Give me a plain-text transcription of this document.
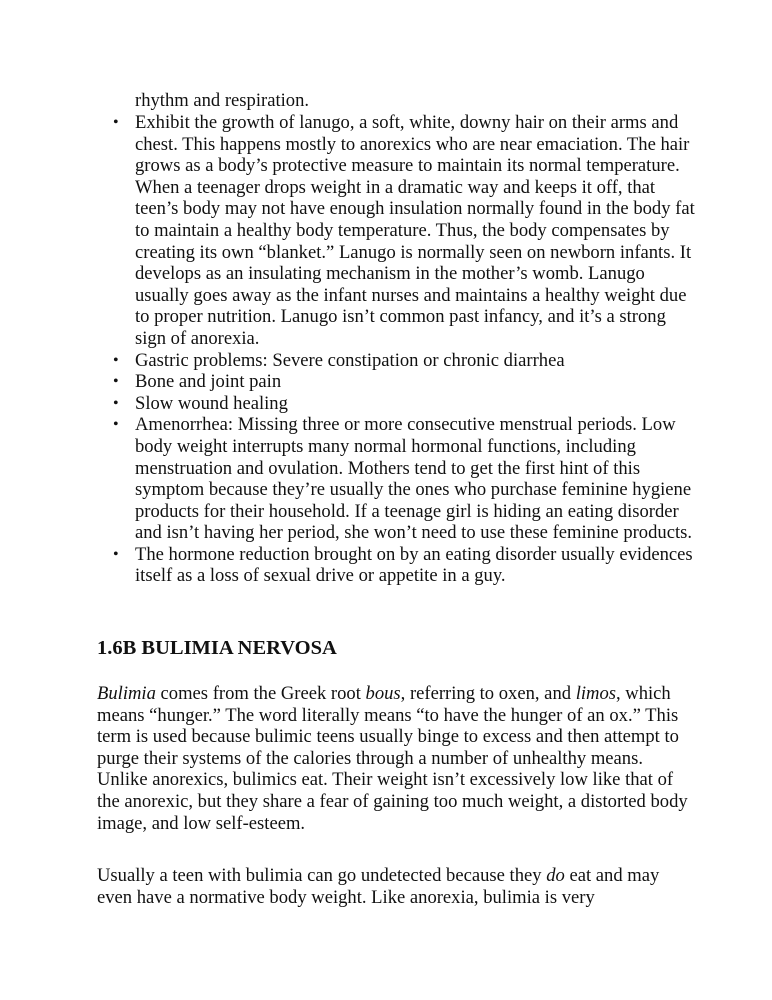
rhythm and respiration.

• Exhibit the growth of lanugo, a soft, white, downy hair on their arms and chest. This happens mostly to anorexics who are near emaciation. The hair grows as a body’s protective measure to maintain its normal temperature. When a teenager drops weight in a dramatic way and keeps it off, that teen’s body may not have enough insulation normally found in the body fat to maintain a healthy body temperature. Thus, the body compensates by creating its own “blanket.” Lanugo is normally seen on newborn infants. It develops as an insulating mechanism in the mother’s womb. Lanugo usually goes away as the infant nurses and maintains a healthy weight due to proper nutrition. Lanugo isn’t common past infancy, and it’s a strong sign of anorexia.
• Gastric problems: Severe constipation or chronic diarrhea
• Bone and joint pain
• Slow wound healing
• Amenorrhea: Missing three or more consecutive menstrual periods. Low body weight interrupts many normal hormonal functions, including menstruation and ovulation. Mothers tend to get the first hint of this symptom because they’re usually the ones who purchase feminine hygiene products for their household. If a teenage girl is hiding an eating disorder and isn’t having her period, she won’t need to use these feminine products.
• The hormone reduction brought on by an eating disorder usually evidences itself as a loss of sexual drive or appetite in a guy.
1.6B BULIMIA NERVOSA

Bulimia comes from the Greek root bous, referring to oxen, and limos, which means “hunger.” The word literally means “to have the hunger of an ox.” This term is used because bulimic teens usually binge to excess and then attempt to purge their systems of the calories through a number of unhealthy means. Unlike anorexics, bulimics eat. Their weight isn’t excessively low like that of the anorexic, but they share a fear of gaining too much weight, a distorted body image, and low self-esteem.

Usually a teen with bulimia can go undetected because they do eat and may even have a normative body weight. Like anorexia, bulimia is very
